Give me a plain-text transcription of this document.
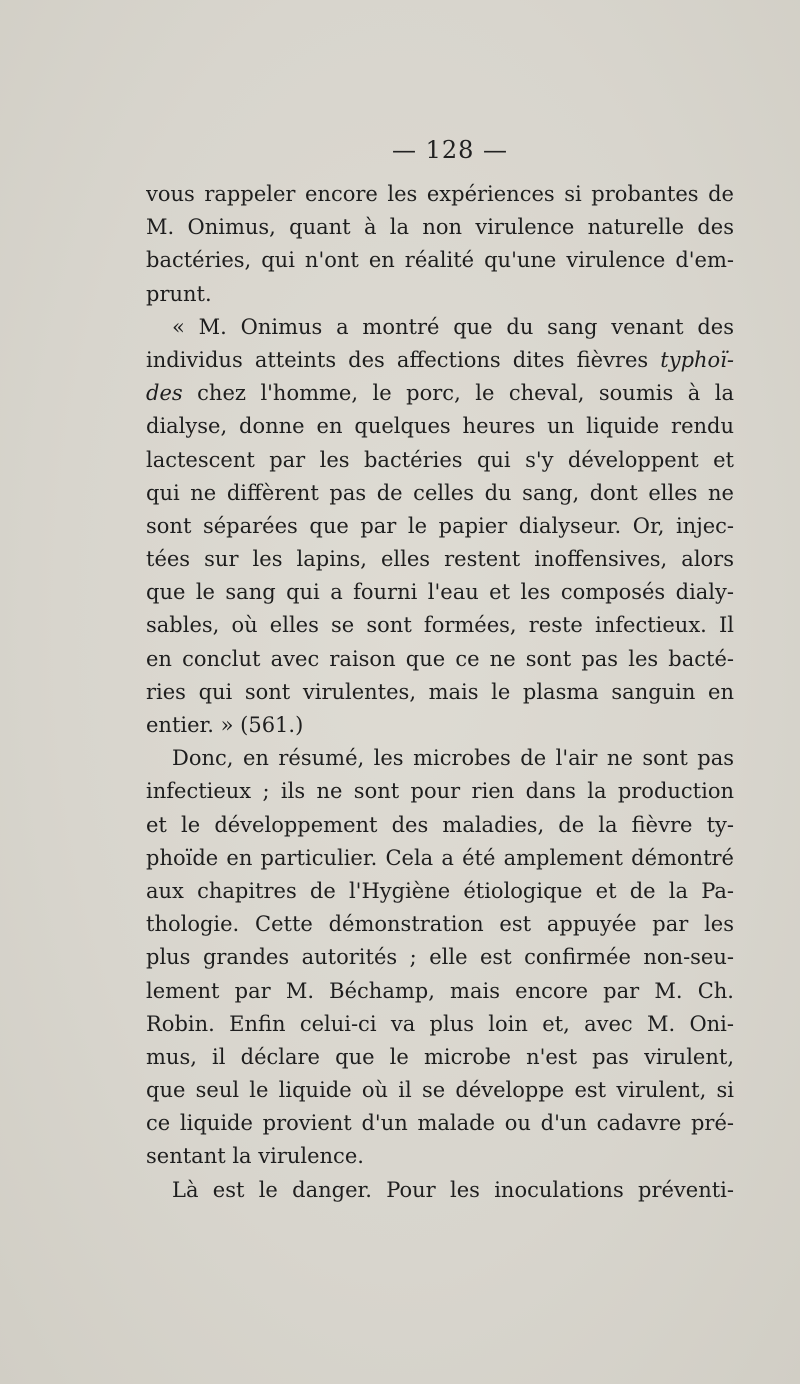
— 128 —
vous rappeler encore les expériences si probantes de
M. Onimus, quant à la non virulence naturelle des
bactéries, qui n'ont en réalité qu'une virulence d'em-
prunt.
« M. Onimus a montré que du sang venant des
individus atteints des affections dites fièvres typhoï-
des chez l'homme, le porc, le cheval, soumis à la
dialyse, donne en quelques heures un liquide rendu
lactescent par les bactéries qui s'y développent et
qui ne diffèrent pas de celles du sang, dont elles ne
sont séparées que par le papier dialyseur. Or, injec-
tées sur les lapins, elles restent inoffensives, alors
que le sang qui a fourni l'eau et les composés dialy-
sables, où elles se sont formées, reste infectieux. Il
en conclut avec raison que ce ne sont pas les bacté-
ries qui sont virulentes, mais le plasma sanguin en
entier. » (561.)
Donc, en résumé, les microbes de l'air ne sont pas
infectieux ; ils ne sont pour rien dans la production
et le développement des maladies, de la fièvre ty-
phoïde en particulier. Cela a été amplement démontré
aux chapitres de l'Hygiène étiologique et de la Pa-
thologie. Cette démonstration est appuyée par les
plus grandes autorités ; elle est confirmée non-seu-
lement par M. Béchamp, mais encore par M. Ch.
Robin. Enfin celui-ci va plus loin et, avec M. Oni-
mus, il déclare que le microbe n'est pas virulent,
que seul le liquide où il se développe est virulent, si
ce liquide provient d'un malade ou d'un cadavre pré-
sentant la virulence.
Là est le danger. Pour les inoculations préventi-
